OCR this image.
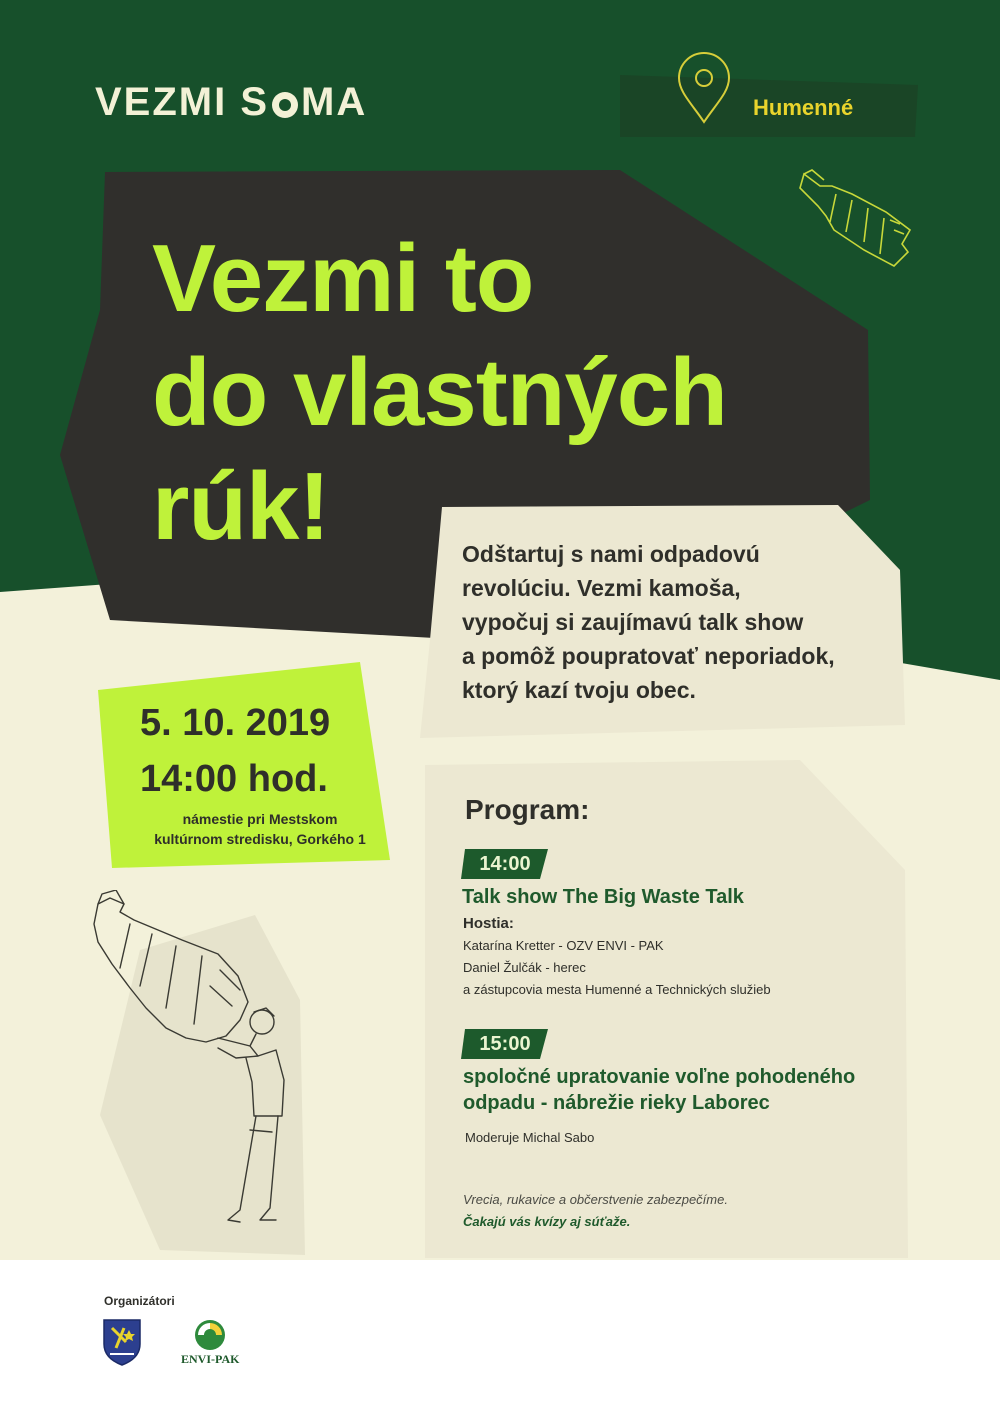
VEZMI S MA	Humenné
Vezmi to
do vlastných
rúk!	Odštartuj s nami odpadovú
revolúciu. Vezmi kamoša,
vypočuj si zaujímavú talk show
a pomôž poupratovať neporiadok,
ktorý kazí tvoju obec.
5. 10. 2019
14:00 hod.
námestie pri Mestskom
kultúrnom stredisku, Gorkého 1
Program:
14:00
Talk show The Big Waste Talk
Hostia:
Katarína Kretter - OZV ENVI - PAK
Daniel Žulčák - herec
a zástupcovia mesta Humenné a Technických služieb
15:00
spoločné upratovanie voľne pohodeného
odpadu - nábrežie rieky Laborec
Moderuje Michal Sabo
Vrecia, rukavice a občerstvenie zabezpečíme.
Čakajú vás kvízy aj súťaže.
Organizátori
ENVI-PAK
